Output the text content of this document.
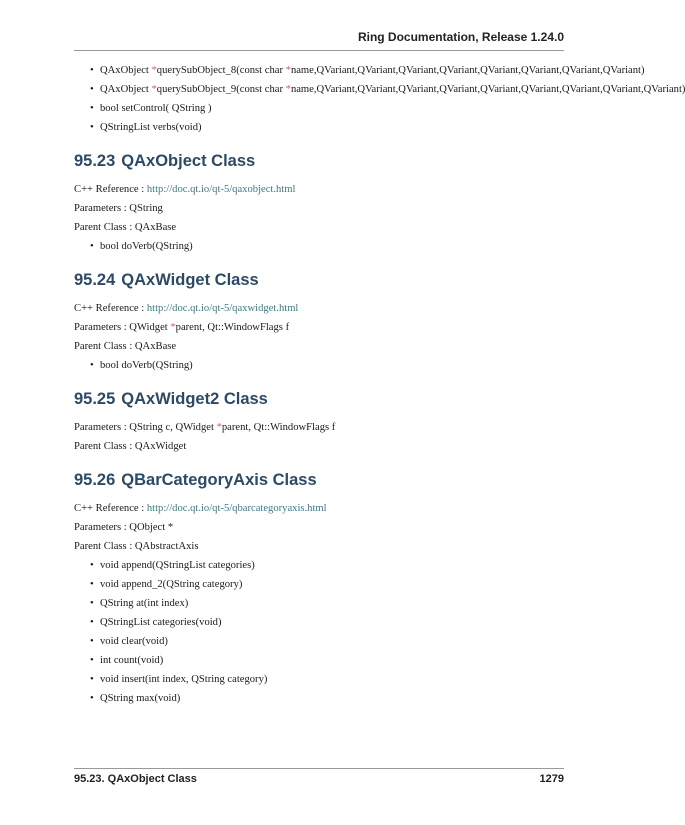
Ring Documentation, Release 1.24.0
• QAxObject *querySubObject_8(const char *name,QVariant,QVariant,QVariant,QVariant,QVariant,QVariant,QVariant,QVariant)
• QAxObject *querySubObject_9(const char *name,QVariant,QVariant,QVariant,QVariant,QVariant,QVariant,QVariant,QVariant,QVariant)
• bool setControl( QString )
• QStringList verbs(void)
95.23 QAxObject Class

C++ Reference : http://doc.qt.io/qt-5/qaxobject.html

Parameters : QString

Parent Class : QAxBase

• bool doVerb(QString)
95.24 QAxWidget Class

C++ Reference : http://doc.qt.io/qt-5/qaxwidget.html

Parameters : QWidget *parent, Qt::WindowFlags f

Parent Class : QAxBase

• bool doVerb(QString)
95.25 QAxWidget2 Class

Parameters : QString c, QWidget *parent, Qt::WindowFlags f

Parent Class : QAxWidget

95.26 QBarCategoryAxis Class

C++ Reference : http://doc.qt.io/qt-5/qbarcategoryaxis.html

Parameters : QObject *

Parent Class : QAbstractAxis

• void append(QStringList categories)
• void append_2(QString category)
• QString at(int index)
• QStringList categories(void)
• void clear(void)
• int count(void)
• void insert(int index, QString category)
• QString max(void)
95.23. QAxObject Class	1279
